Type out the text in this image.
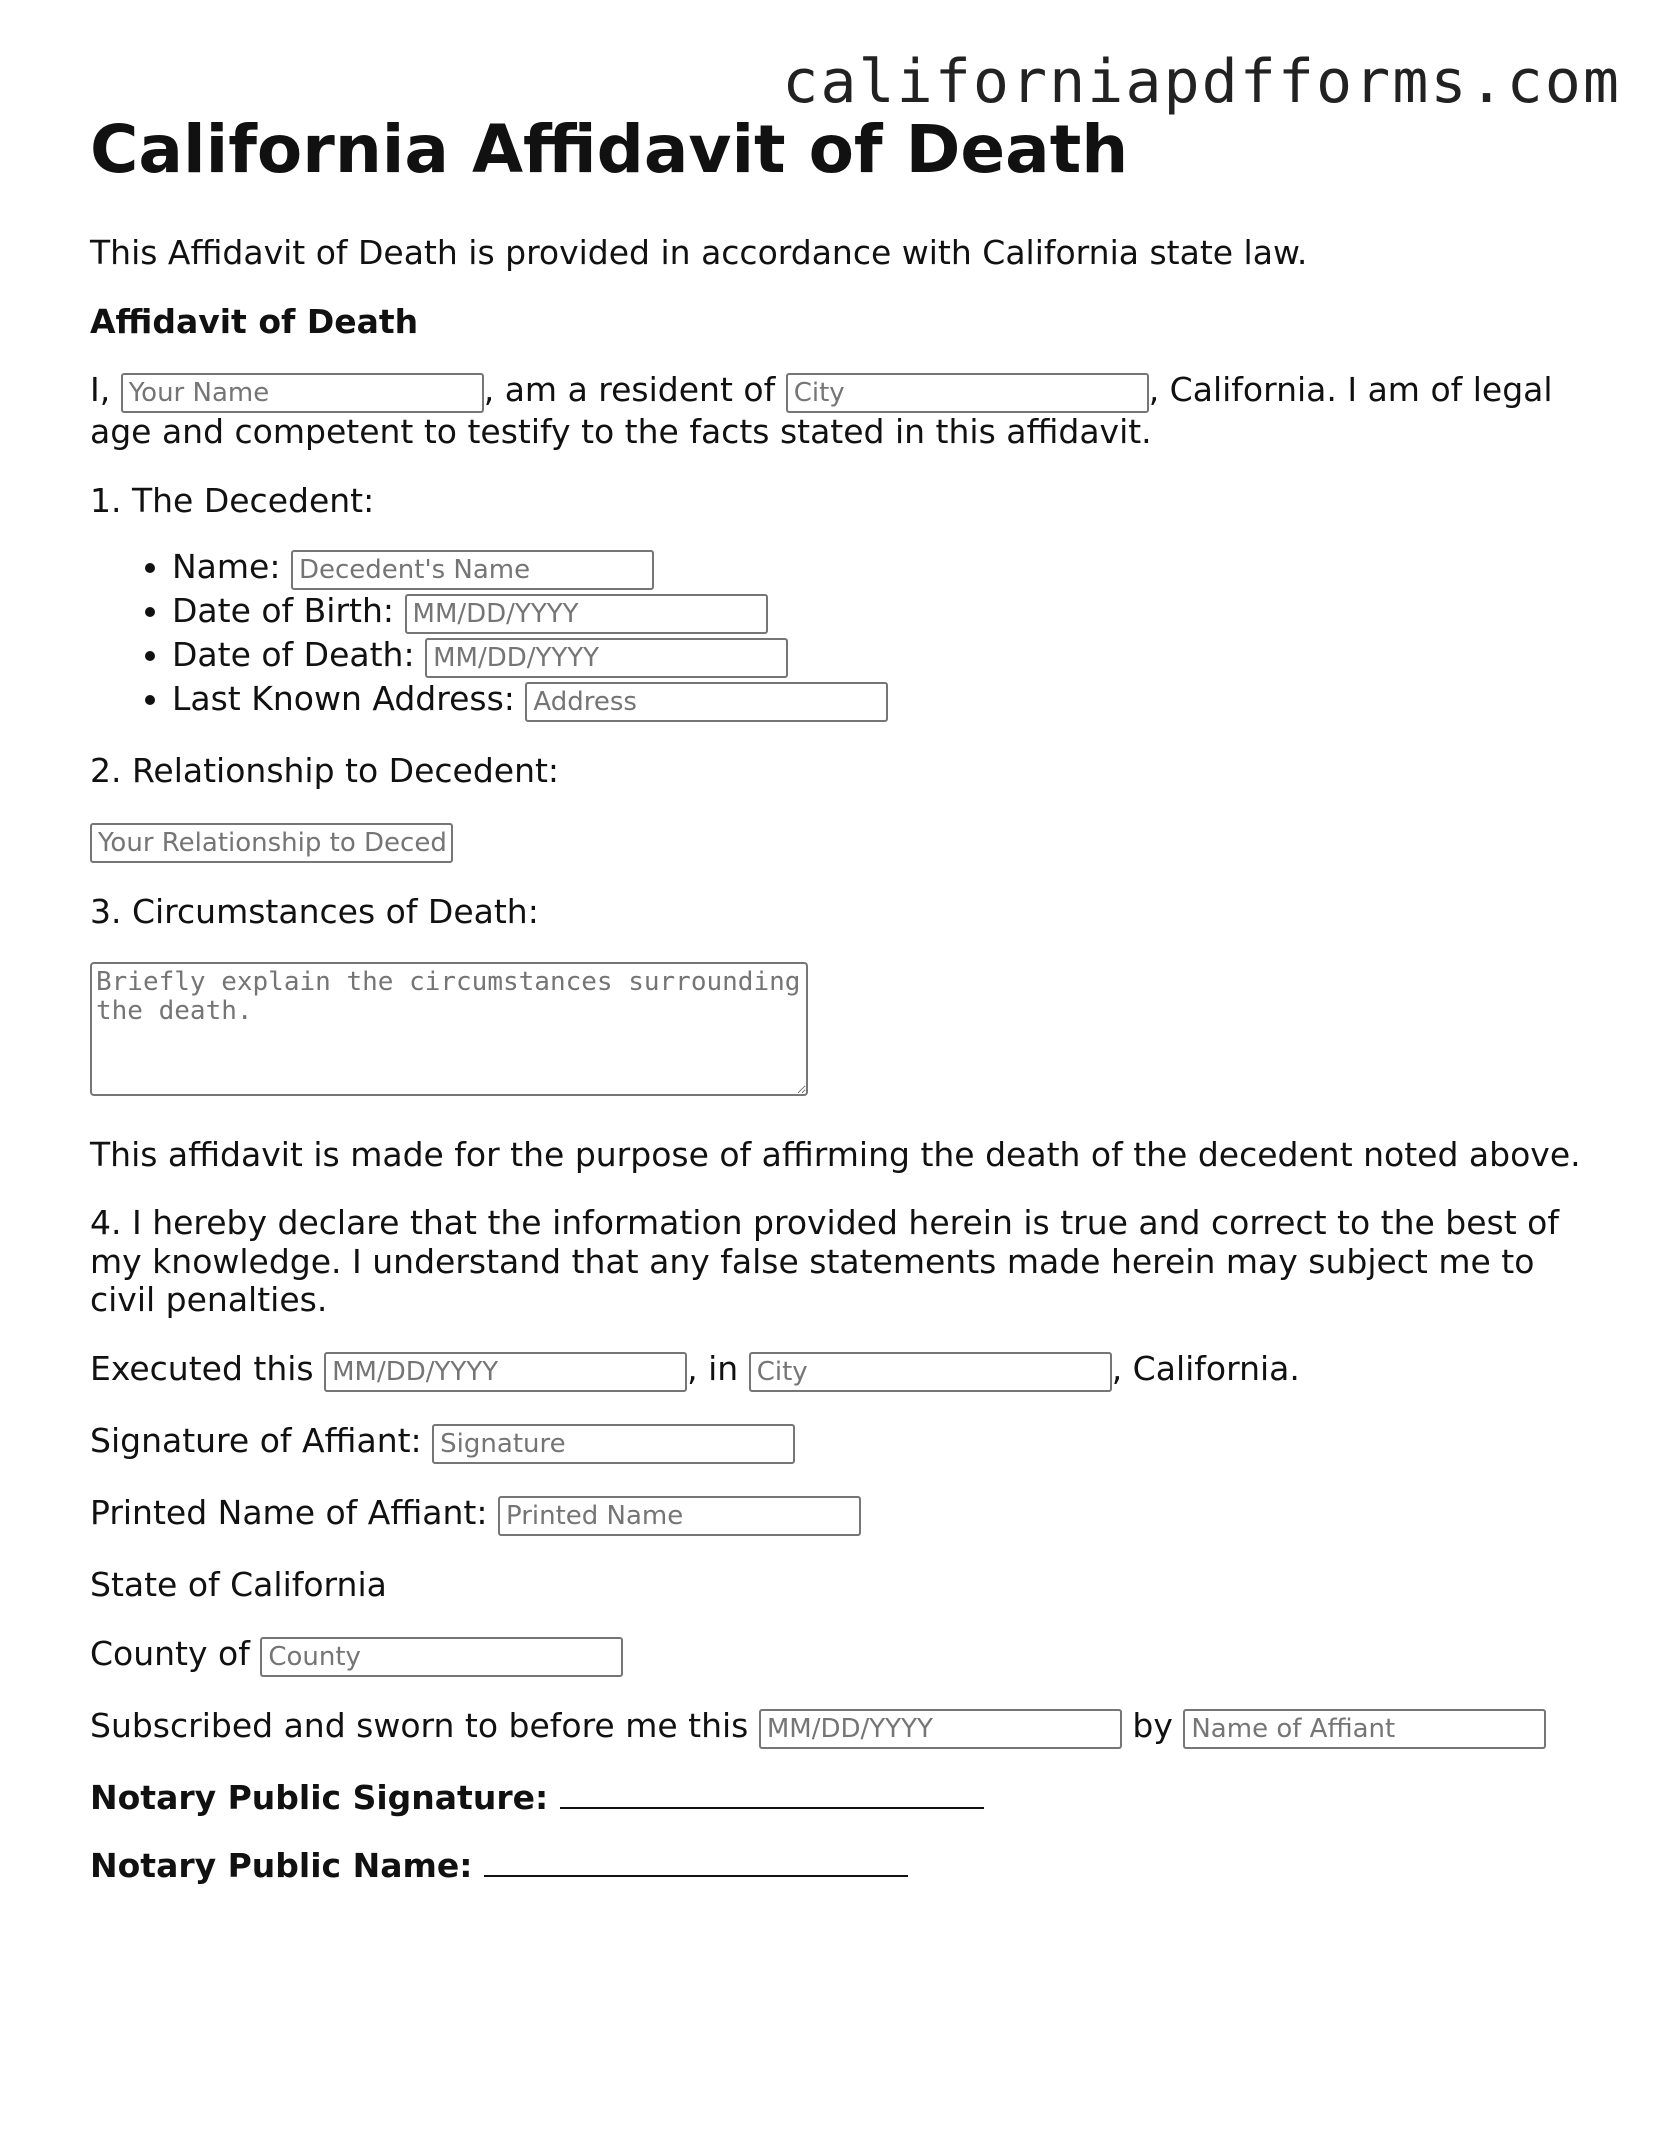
californiapdfforms.com
California Affidavit of Death

This Affidavit of Death is provided in accordance with California state law.

Affidavit of Death

I, Your Name	, am a resident of City	, California. I am of legal age and competent to testify to the facts stated in this affidavit.

1. The Decedent:

• Name: Decedent's Name
• Date of Birth: MM/DD/YYYY
• Date of Death: MM/DD/YYYY
• Last Known Address: Address

2. Relationship to Decedent:

Your Relationship to Decedent

3. Circumstances of Death:

Briefly explain the circumstances surrounding the death.

This affidavit is made for the purpose of affirming the death of the decedent noted above.

4. I hereby declare that the information provided herein is true and correct to the best of my knowledge. I understand that any false statements made herein may subject me to civil penalties.

Executed this MM/DD/YYYY	, in City	, California.

Signature of Affiant: Signature

Printed Name of Affiant: Printed Name

State of California

County of County

Subscribed and sworn to before me this MM/DD/YYYY	by Name of Affiant

Notary Public Signature:

Notary Public Name:
